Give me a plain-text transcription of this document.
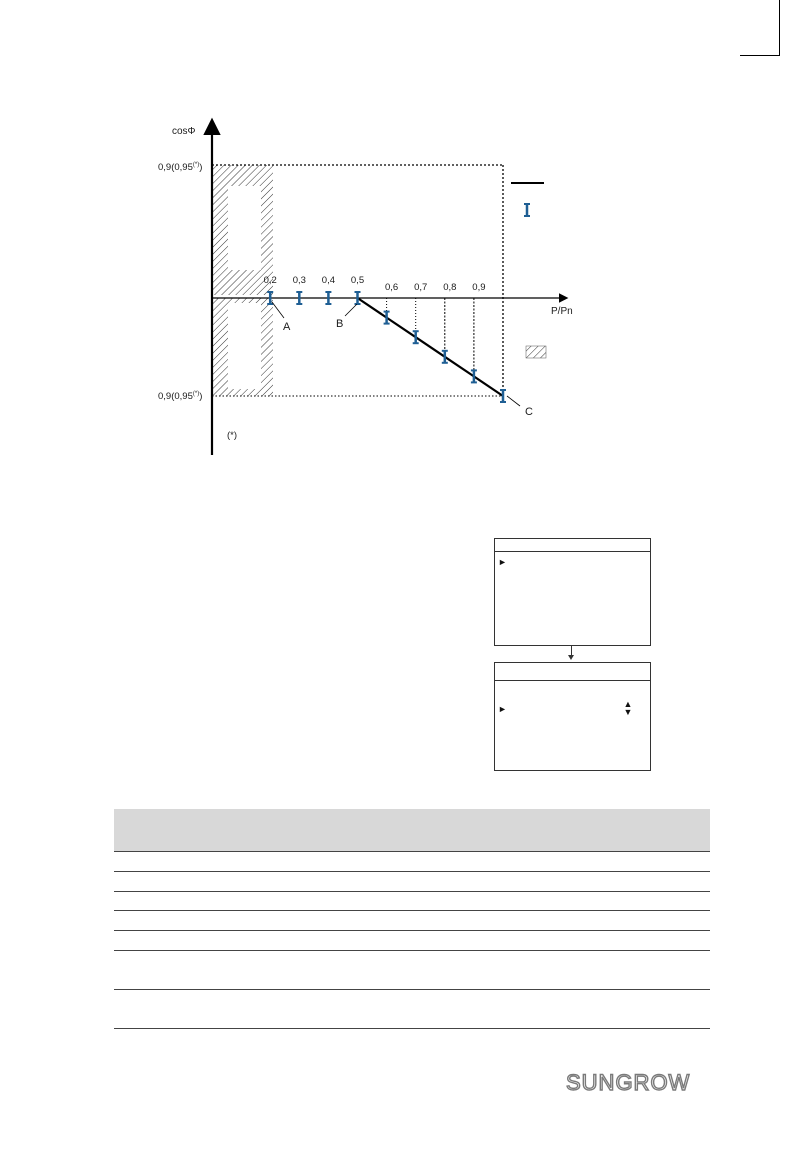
0,2 0,3 0,4 0,5
0,6 0,7 0,8 0,9
cosΦ
P/Pn
0,9(0,95(*))
0,9(0,95(*))
(*)
A	B
C
►
►	▲▼
SUNGROW
